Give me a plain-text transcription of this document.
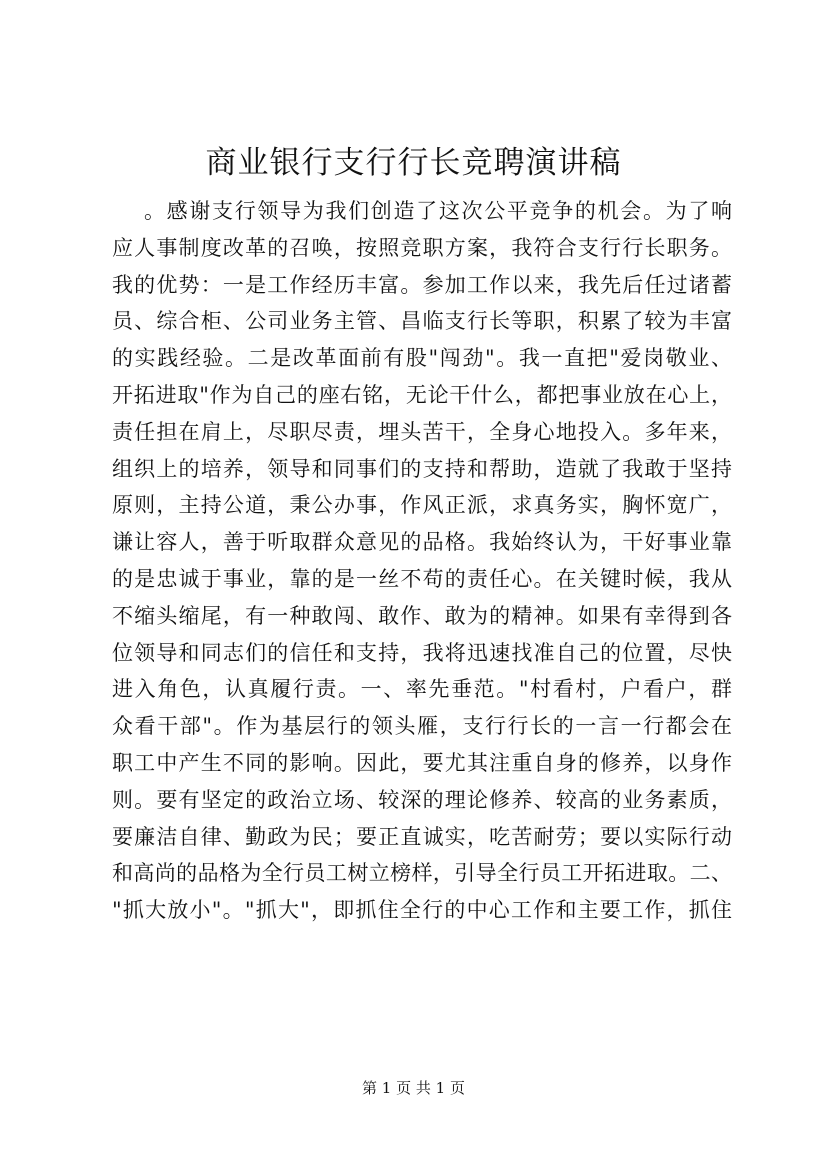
商业银行支行行长竞聘演讲稿
。感谢支行领导为我们创造了这次公平竞争的机会。为了响
应人事制度改革的召唤，按照竞职方案，我符合支行行长职务。
我的优势：一是工作经历丰富。参加工作以来，我先后任过诸蓄
员、综合柜、公司业务主管、昌临支行长等职，积累了较为丰富
的实践经验。二是改革面前有股"闯劲"。我一直把"爱岗敬业、
开拓进取"作为自己的座右铭，无论干什么，都把事业放在心上，
责任担在肩上，尽职尽责，埋头苦干，全身心地投入。多年来，
组织上的培养，领导和同事们的支持和帮助，造就了我敢于坚持
原则，主持公道，秉公办事，作风正派，求真务实，胸怀宽广，
谦让容人，善于听取群众意见的品格。我始终认为，干好事业靠
的是忠诚于事业，靠的是一丝不苟的责任心。在关键时候，我从
不缩头缩尾，有一种敢闯、敢作、敢为的精神。如果有幸得到各
位领导和同志们的信任和支持，我将迅速找准自己的位置，尽快
进入角色，认真履行责。一、率先垂范。"村看村，户看户，群
众看干部"。作为基层行的领头雁，支行行长的一言一行都会在
职工中产生不同的影响。因此，要尤其注重自身的修养，以身作
则。要有坚定的政治立场、较深的理论修养、较高的业务素质，
要廉洁自律、勤政为民；要正直诚实，吃苦耐劳；要以实际行动
和高尚的品格为全行员工树立榜样，引导全行员工开拓进取。二、
"抓大放小"。"抓大"，即抓住全行的中心工作和主要工作，抓住
第 1 页 共 1 页
